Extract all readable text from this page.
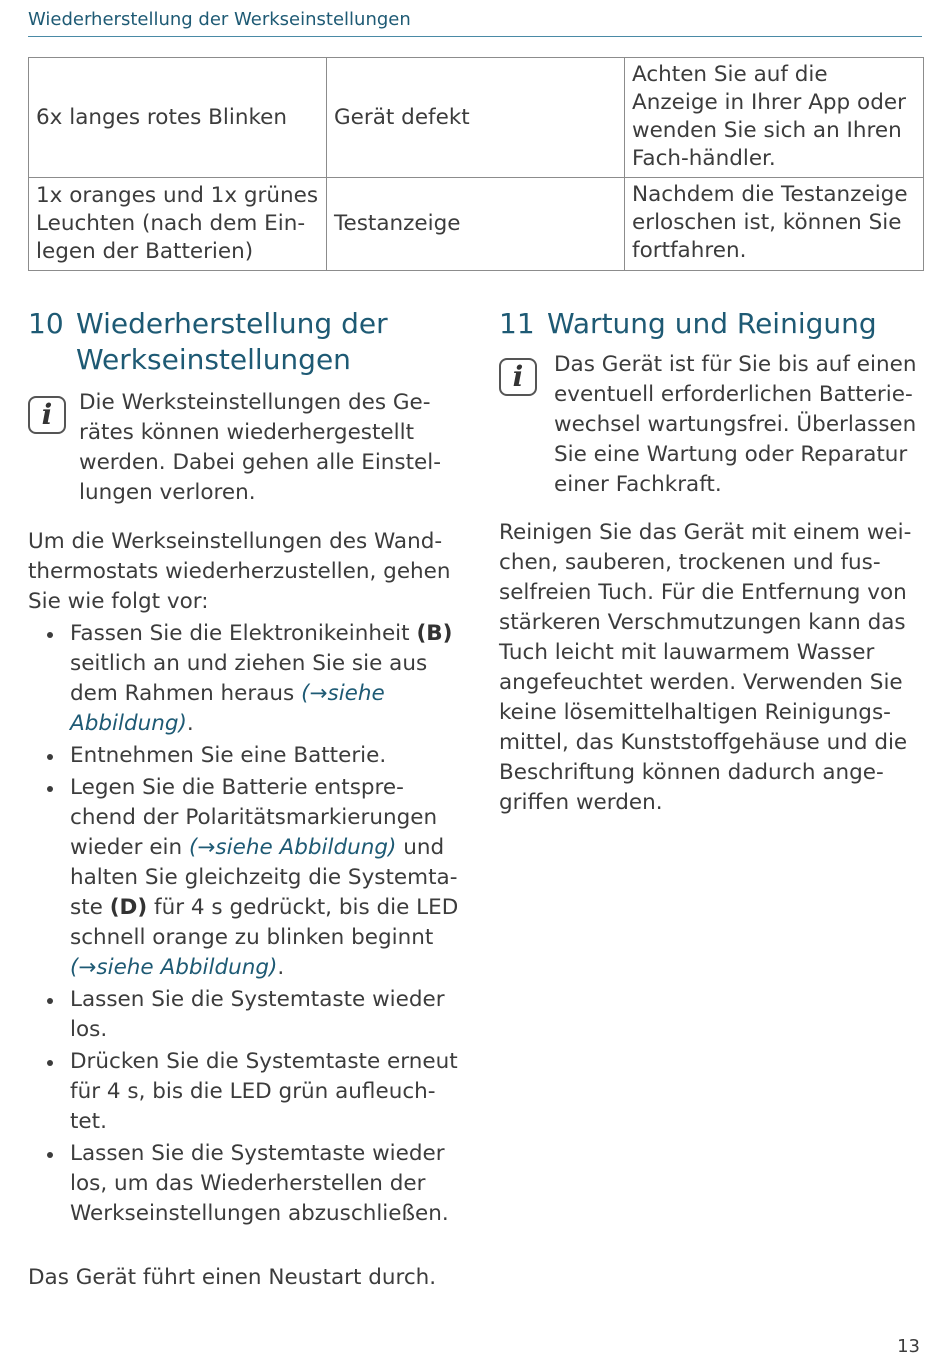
Wiederherstellung der Werkseinstellungen
6x langes rotes Blinken	Gerät defekt	Achten Sie auf die Anzeige in Ihrer App oder wenden Sie sich an Ihren Fach-händler.
1x oranges und 1x grünes Leuchten (nach dem Ein-legen der Batterien)	Testanzeige	Nachdem die Testanzeige erloschen ist, können Sie fortfahren.
10 Wiederherstellung der
Werkseinstellungen
i	Die Werksteinstellungen des Ge-rätes können wiederhergestellt werden. Dabei gehen alle Einstel-lungen verloren.

Um die Werkseinstellungen des Wand-thermostats wiederherzustellen, gehen Sie wie folgt vor:

Fassen Sie die Elektronikeinheit (B) seitlich an und ziehen Sie sie aus dem Rahmen heraus (→siehe Abbildung).
Entnehmen Sie eine Batterie.
Legen Sie die Batterie entspre-chend der Polaritätsmarkierungen wieder ein (→siehe Abbildung) und halten Sie gleichzeitg die Systemta-ste (D) für 4 s gedrückt, bis die LED schnell orange zu blinken beginnt (→siehe Abbildung).
Lassen Sie die Systemtaste wieder los.
Drücken Sie die Systemtaste erneut für 4 s, bis die LED grün aufleuch-tet.
Lassen Sie die Systemtaste wieder los, um das Wiederherstellen der Werkseinstellungen abzuschließen.

Das Gerät führt einen Neustart durch.

11 Wartung und Reinigung
i	Das Gerät ist für Sie bis auf einen eventuell erforderlichen Batterie-wechsel wartungsfrei. Überlassen Sie eine Wartung oder Reparatur einer Fachkraft.

Reinigen Sie das Gerät mit einem wei-chen, sauberen, trockenen und fus-selfreien Tuch. Für die Entfernung von stärkeren Verschmutzungen kann das Tuch leicht mit lauwarmem Wasser angefeuchtet werden. Verwenden Sie keine lösemittelhaltigen Reinigungs-mittel, das Kunststoffgehäuse und die Beschriftung können dadurch ange-griffen werden.

13
